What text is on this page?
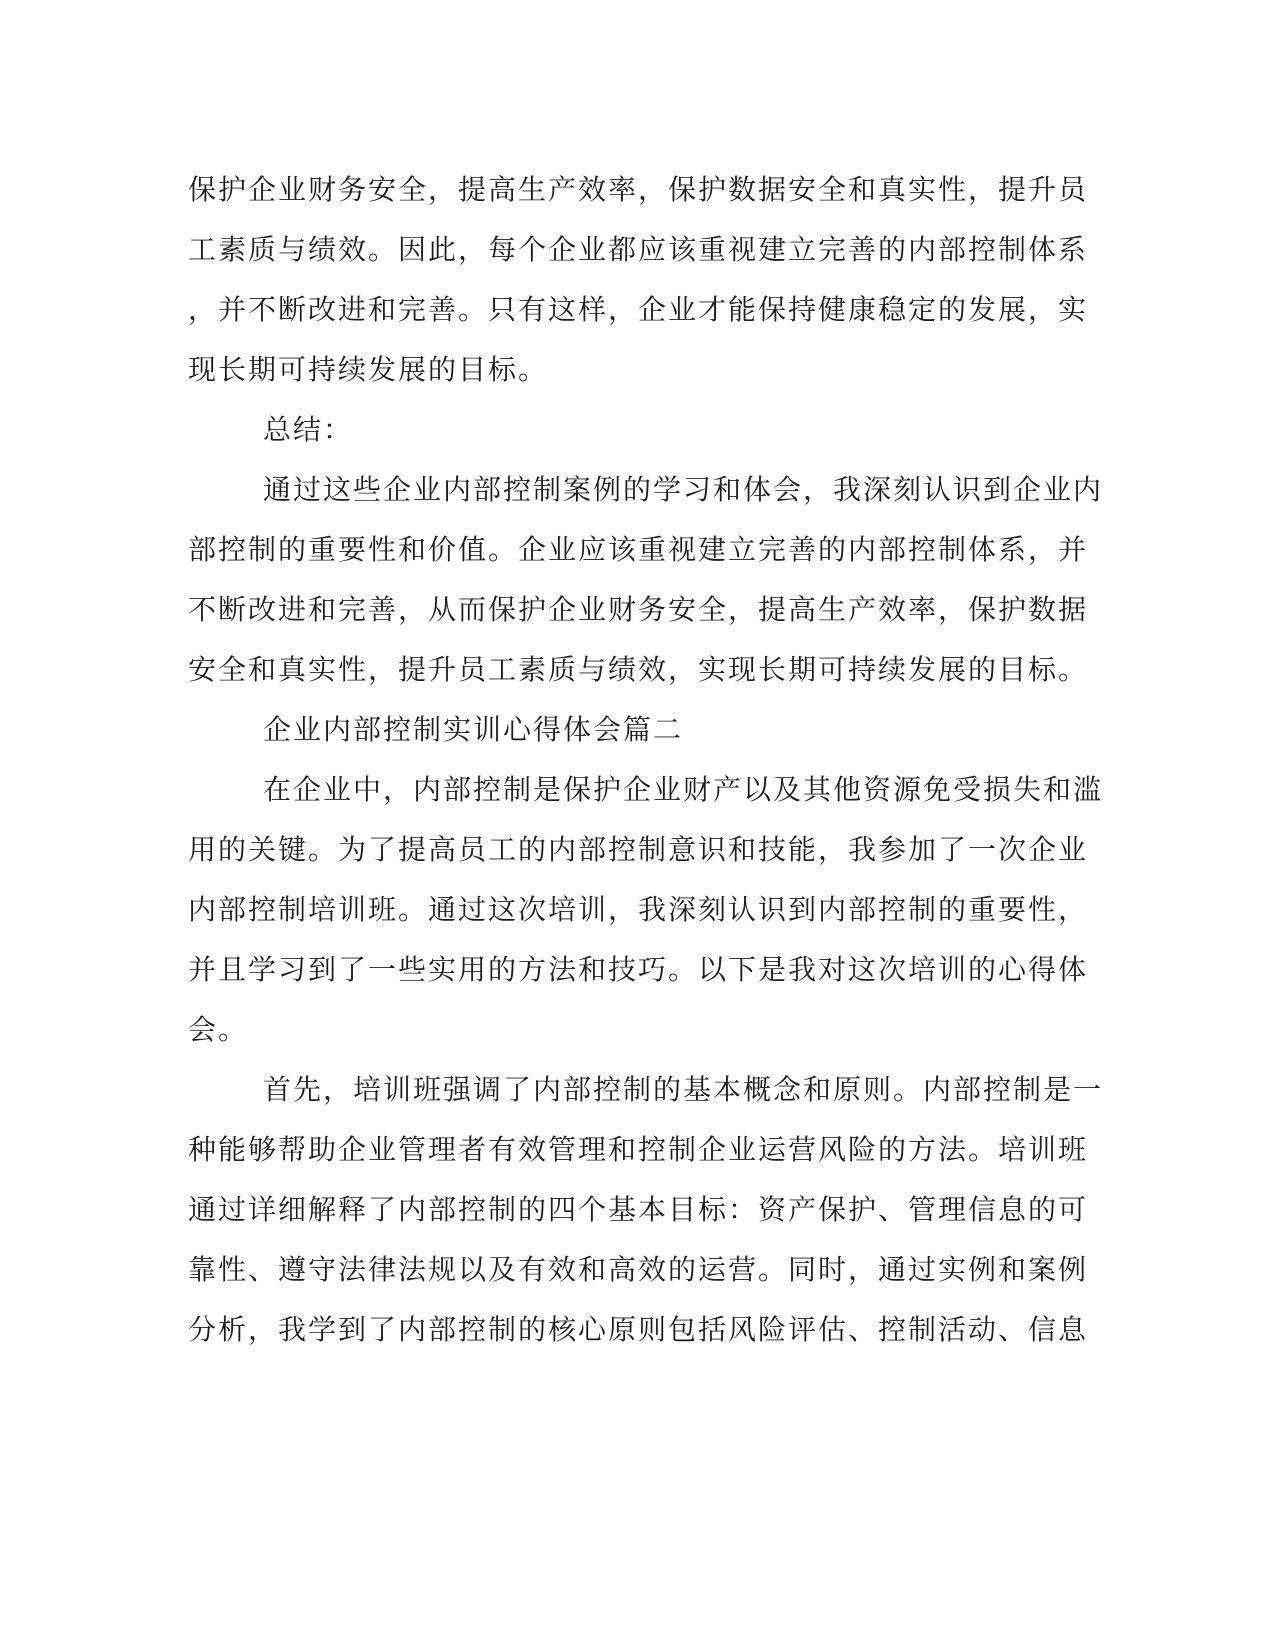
保护企业财务安全，提高生产效率，保护数据安全和真实性，提升员
工素质与绩效。因此，每个企业都应该重视建立完善的内部控制体系
，并不断改进和完善。只有这样，企业才能保持健康稳定的发展，实
现长期可持续发展的目标。
总结：
通过这些企业内部控制案例的学习和体会，我深刻认识到企业内
部控制的重要性和价值。企业应该重视建立完善的内部控制体系，并
不断改进和完善，从而保护企业财务安全，提高生产效率，保护数据
安全和真实性，提升员工素质与绩效，实现长期可持续发展的目标。
企业内部控制实训心得体会篇二
在企业中，内部控制是保护企业财产以及其他资源免受损失和滥
用的关键。为了提高员工的内部控制意识和技能，我参加了一次企业
内部控制培训班。通过这次培训，我深刻认识到内部控制的重要性，
并且学习到了一些实用的方法和技巧。以下是我对这次培训的心得体
会。
首先，培训班强调了内部控制的基本概念和原则。内部控制是一
种能够帮助企业管理者有效管理和控制企业运营风险的方法。培训班
通过详细解释了内部控制的四个基本目标：资产保护、管理信息的可
靠性、遵守法律法规以及有效和高效的运营。同时，通过实例和案例
分析，我学到了内部控制的核心原则包括风险评估、控制活动、信息
